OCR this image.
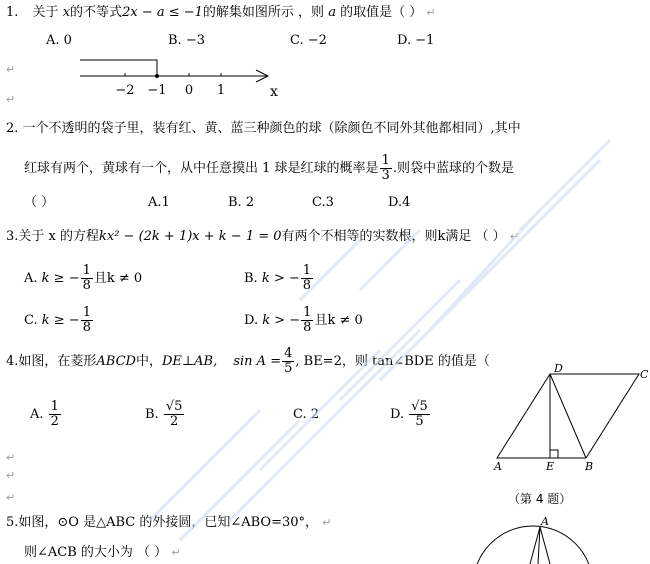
1. 关于 x的不等式2x − a ≤ −1的解集如图所示 ，则 a 的取值是（ ） ↵
A. 0	B. −3	C. −2	D. −1
↵
−2 −1 0 1	x
↵
2. 一个不透明的袋子里，装有红、黄、蓝三种颜色的球（除颜色不同外其他都相同）,其中
红球有两个，黄球有一个，从中任意摸出 1 球是红球的概率是 $\frac{1}{3}$ .则袋中蓝球的个数是
（ ）	A.1	B. 2	C.3	D.4
3.关于 x 的方程kx² − (2k + 1)x + k − 1 = 0有两个不相等的实数根，则k满足 （ ） ↵
A. k ≥ − $\frac{1}{8}$ 且k ≠ 0	B. k > − $\frac{1}{8}$
C. k ≥ − $\frac{1}{8}$	D. k > − $\frac{1}{8}$ 且k ≠ 0
4.如图，在菱形ABCD中，DE⊥AB, $\sin A = \frac{4}{5}$ , BE=2，则 tan∠BDE 的值是（
A. $\frac{1}{2}$	B. $\frac{√5}{2}$	C. 2	D. $\frac{√5}{5}$
↵
↵
↵
D	C
A	E	B
（第 4 题）
5.如图，⊙O 是△ABC 的外接圆，已知∠ABO=30°， ↵
则∠ACB 的大小为 （ ） ↵
A
